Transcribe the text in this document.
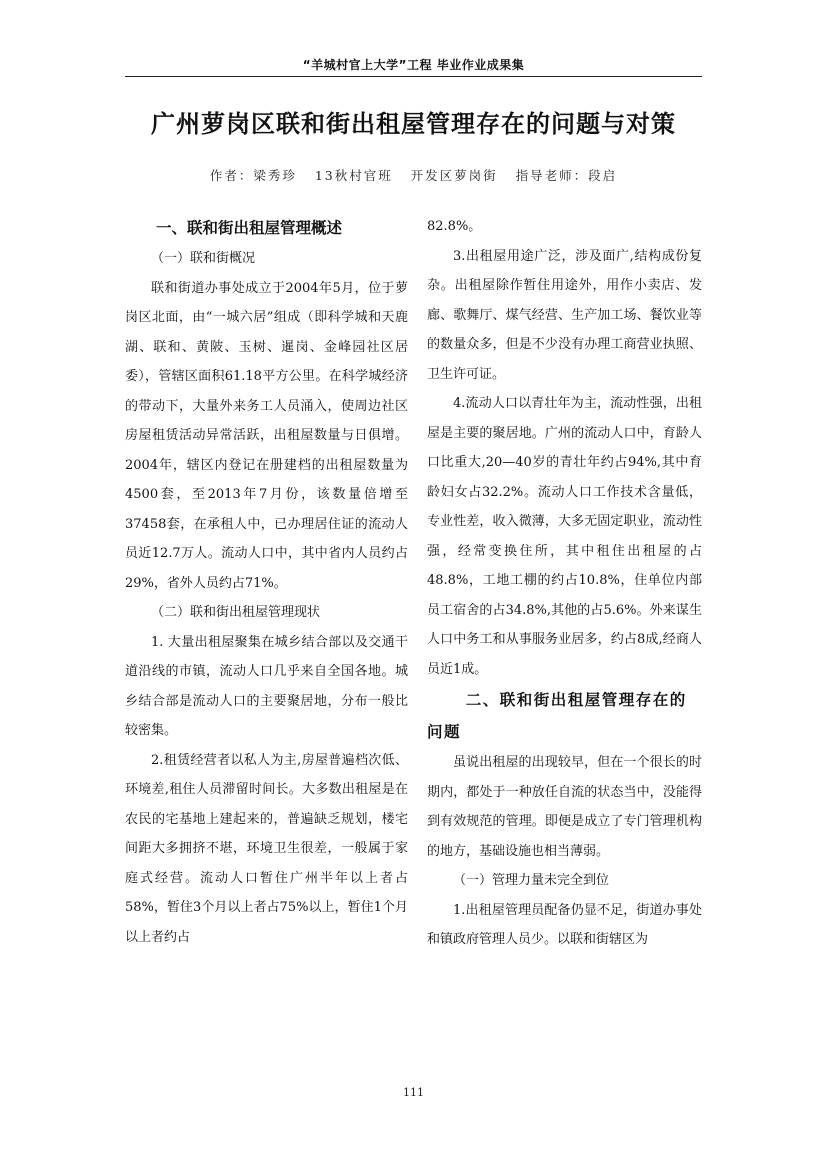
“羊城村官上大学”工程 毕业作业成果集
广州萝岗区联和街出租屋管理存在的问题与对策
作者：梁秀珍   13秋村官班   开发区萝岗街   指导老师：段启
一、联和街出租屋管理概述
（一）联和街概况

联和街道办事处成立于2004年5月，位于萝岗区北面，由“一城六居”组成（即科学城和天鹿湖、联和、黄陂、玉树、暹岗、金峰园社区居委），管辖区面积61.18平方公里。在科学城经济的带动下，大量外来务工人员涌入，使周边社区房屋租赁活动异常活跃，出租屋数量与日俱增。2004年，辖区内登记在册建档的出租屋数量为4500套，至2013年7月份，该数量倍增至37458套，在承租人中，已办理居住证的流动人员近12.7万人。流动人口中，其中省内人员约占29%，省外人员约占71%。

（二）联和街出租屋管理现状

1. 大量出租屋聚集在城乡结合部以及交通干道沿线的市镇，流动人口几乎来自全国各地。城乡结合部是流动人口的主要聚居地，分布一般比较密集。

2.租赁经营者以私人为主,房屋普遍档次低、环境差,租住人员滞留时间长。大多数出租屋是在农民的宅基地上建起来的，普遍缺乏规划，楼宅间距大多拥挤不堪，环境卫生很差，一般属于家庭式经营。流动人口暂住广州半年以上者占58%，暂住3个月以上者占75%以上，暂住1个月以上者约占

82.8%。

3.出租屋用途广泛，涉及面广,结构成份复杂。出租屋除作暂住用途外，用作小卖店、发廊、歌舞厅、煤气经营、生产加工场、餐饮业等的数量众多，但是不少没有办理工商营业执照、卫生许可证。

4.流动人口以青壮年为主，流动性强，出租屋是主要的聚居地。广州的流动人口中，育龄人口比重大,20—40岁的青壮年约占94%,其中育龄妇女占32.2%。流动人口工作技术含量低，专业性差，收入微薄，大多无固定职业，流动性强，经常变换住所，其中租住出租屋的占48.8%，工地工棚的约占10.8%，住单位内部员工宿舍的占34.8%,其他的占5.6%。外来谋生人口中务工和从事服务业居多，约占8成,经商人员近1成。

二、联和街出租屋管理存在的问题

虽说出租屋的出现较早，但在一个很长的时期内，都处于一种放任自流的状态当中，没能得到有效规范的管理。即便是成立了专门管理机构的地方，基础设施也相当薄弱。

（一）管理力量未完全到位

1.出租屋管理员配备仍显不足，街道办事处和镇政府管理人员少。以联和街辖区为

111
